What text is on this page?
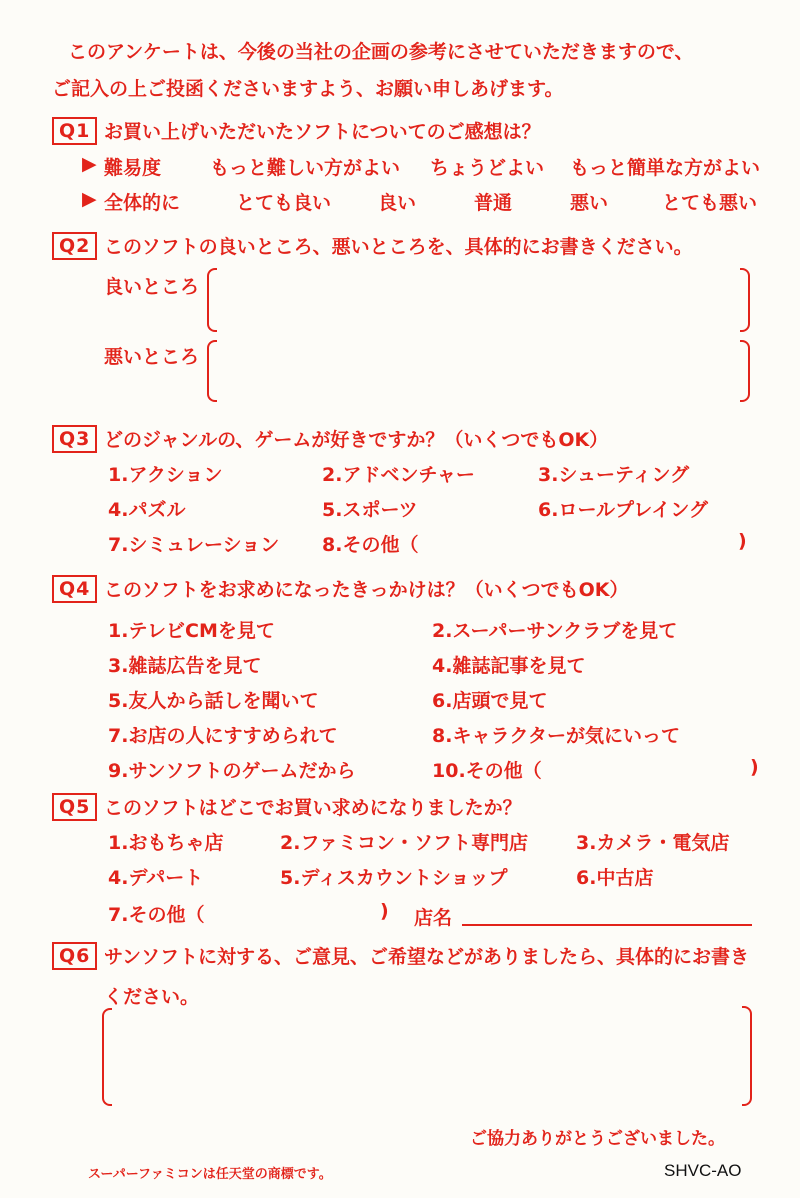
このアンケートは、今後の当社の企画の参考にさせていただきますので、
ご記入の上ご投函くださいますよう、お願い申しあげます。
Q1 お買い上げいただいたソフトについてのご感想は？
▶ 難易度	もっと難しい方がよい ちょうどよい もっと簡単な方がよい
▶ 全体的に	とても良い 良い	普通	悪い	とても悪い
Q2 このソフトの良いところ、悪いところを、具体的にお書きください。
良いところ
悪いところ
Q3 どのジャンルの、ゲームが好きですか？（いくつでもOK）
1.アクション	2.アドベンチャー	3.シューティング
4.パズル	5.スポーツ	6.ロールプレイング
7.シミュレーション 8.その他（	)
Q4 このソフトをお求めになったきっかけは？（いくつでもOK）
1.テレビCMを見て	2.スーパーサンクラブを見て
3.雑誌広告を見て	4.雑誌記事を見て
5.友人から話しを聞いて	6.店頭で見て
7.お店の人にすすめられて	8.キャラクターが気にいって
9.サンソフトのゲームだから	10.その他（	)
Q5 このソフトはどこでお買い求めになりましたか？
1.おもちゃ店	2.ファミコン・ソフト専門店	3.カメラ・電気店
4.デパート	5.ディスカウントショップ	6.中古店
7.その他（	) 店名
Q6 サンソフトに対する、ご意見、ご希望などがありましたら、具体的にお書き
ください。
ご協力ありがとうございました。
スーパーファミコンは任天堂の商標です。	SHVC-AO
